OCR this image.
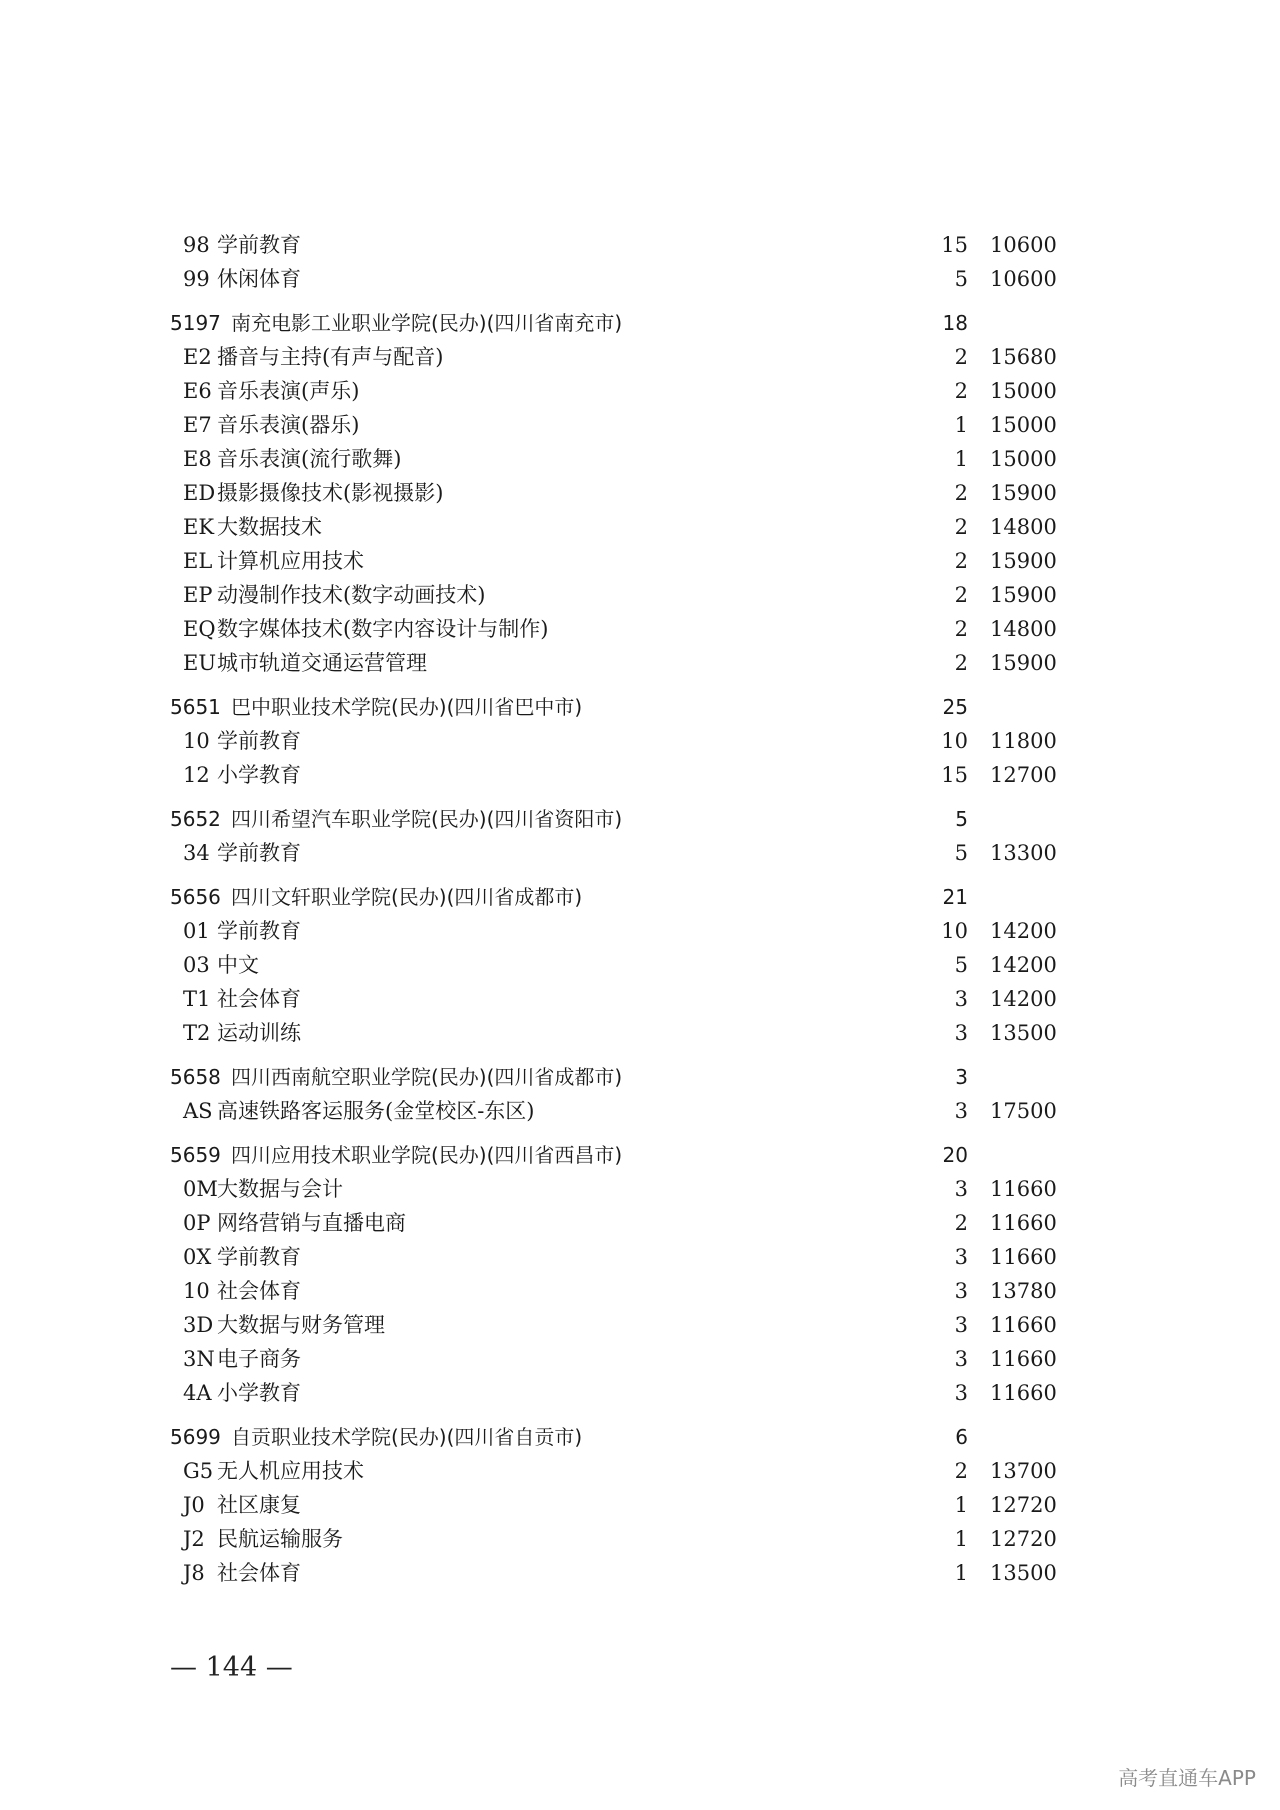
98 学前教育	15 10600
99 休闲体育	5 10600
5197 南充电影工业职业学院(民办)(四川省南充市)	18
E2 播音与主持(有声与配音)	2 15680
E6 音乐表演(声乐)	2 15000
E7 音乐表演(器乐)	1 15000
E8 音乐表演(流行歌舞)	1 15000
ED 摄影摄像技术(影视摄影)	2 15900
EK 大数据技术	2 14800
EL 计算机应用技术	2 15900
EP 动漫制作技术(数字动画技术)	2 15900
EQ 数字媒体技术(数字内容设计与制作)	2 14800
EU 城市轨道交通运营管理	2 15900
5651 巴中职业技术学院(民办)(四川省巴中市)	25
10 学前教育	10 11800
12 小学教育	15 12700
5652 四川希望汽车职业学院(民办)(四川省资阳市)	5
34 学前教育	5 13300
5656 四川文轩职业学院(民办)(四川省成都市)	21
01 学前教育	10 14200
03 中文	5 14200
T1 社会体育	3 14200
T2 运动训练	3 13500
5658 四川西南航空职业学院(民办)(四川省成都市)	3
AS 高速铁路客运服务(金堂校区-东区)	3 17500
5659 四川应用技术职业学院(民办)(四川省西昌市)	20
0M 大数据与会计	3 11660
0P 网络营销与直播电商	2 11660
0X 学前教育	3 11660
10 社会体育	3 13780
3D 大数据与财务管理	3 11660
3N 电子商务	3 11660
4A 小学教育	3 11660
5699 自贡职业技术学院(民办)(四川省自贡市)	6
G5 无人机应用技术	2 13700
J0 社区康复	1 12720
J2 民航运输服务	1 12720
J8 社会体育	1 13500
— 144 —
高考直通车APP
